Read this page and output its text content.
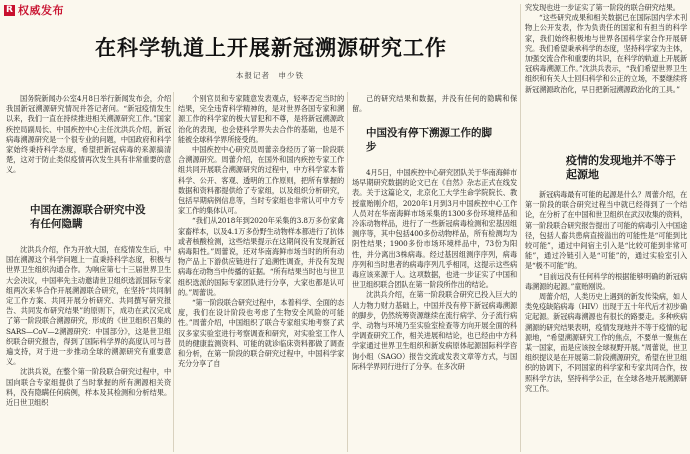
R 权威发布
在科学轨道上开展新冠溯源研究工作
本报记者　申少铁

国务院新闻办公室4月8日举行新闻发布会，介绍我国新冠溯源研究情况并答记者问。“新冠疫情发生以来，我们一直在持续推进相关溯源研究工作。”国家疾控局副局长、中国疾控中心主任沈洪兵介绍，新冠病毒溯源研究是一个很专业的问题，中国政府和科学家始终秉持科学态度，希望把新冠病毒的来源搞清楚，这对于防止类似疫情再次发生具有非常重要的意义。

中国在溯源联合研究中没有任何隐瞒

沈洪兵介绍，作为开放大国，在疫情发生后，中国在溯源这个科学问题上一直秉持科学态度，积极与世界卫生组织沟通合作。为响应第七十三届世界卫生大会决议，中国率先主动邀请世卫组织选派国际专家组两次来华合作开展溯源联合研究，在坚持“共同制定工作方案、共同开展分析研究、共同撰写研究报告、共同发布研究结果”的原则下，成功在武汉完成了第一阶段联合溯源研究，形成的《世卫组织召集的SARS—CoV—2溯源研究：中国部分》，这是世卫组织联合研究报告，得到了国际科学界的高度认可与普遍支持，对于进一步推动全球的溯源研究有重要意义。

沈洪兵说，在整个第一阶段联合研究过程中，中国向联合专家组提供了当时掌握的所有溯源相关资料，没有隐瞒任何病例，样本及其检测和分析结果。近日世卫组织

个别官员和专家随意发表观点，轻率否定当时的结果，完全违背科学精神的，是对世界各国专家和溯源工作的科学家的极大冒犯和不尊，是将新冠溯源政治化的表现，也会使科学界失去合作的基础，也是不能被全球科学界所接受的。

中国疾控中心研究员周蕾亲身经历了第一阶段联合溯源研究。周蕾介绍，在国外和国内疾控专家工作组共同开展联合溯源研究的过程中，中方科学家本着科学、公开、客观、透明的工作原则，把所有掌握的数据和资料都提供给了专家组，以及组织分析研究，包括早期病例信息等，当时专家组也非常认可中方专家工作的集体认可。

“我们从2018年到2020年采集的3.8万多份家禽家畜样本，以及4.1万多份野生动物样本都进行了抗体或者核酸检测，这些结果提示在这期间没有发现新冠病毒阳性。”周蕾说，还对华南海鲜市场当时的所有动物产品上下游供应链进行了追溯性调查，并没有发现病毒在动物当中传播的证据。“所有结果当时也与世卫组织选派的国际专家团队进行分享，大家也都是认可的。”周蕾说。

“第一阶段联合研究过程中，本着科学、全面的态度，我们在设计阶段也考虑了生物安全风险的可能性。”周蕾介绍，中国组织了联合专家组实地考察了武汉多家实验室进行考察调查和研究，对实验室工作人员的健康监测资料、可能的就诊临床资料都做了调查和分析，在第一阶段的联合研究过程中，中国科学家充分分享了自

己的研究结果和数据，并没有任何的隐瞒和保留。

中国没有停下溯源工作的脚步

4月5日，中国疾控中心研究团队关于华南海鲜市场早期研究数据的论文已在《自然》杂志正式在线发表。关于这篇论文，北京化工大学生命学院院长、教授童贻刚介绍，2020年1月到3月中国疾控中心工作人员对在华南海鲜市场采集的1300多份环境样品和冷冻动物样品，进行了一些新冠病毒检测和宏基因组测序等，其中包括400多份动物样品，所有检测均为阴性结果；1900多份市场环境样品中，73份为阳性，并分离出3株病毒。经过基因组测序序列，病毒序列和当时患者的病毒序列几乎相同，这提示这些病毒应该来源于人。这项数据，也进一步证实了中国和世卫组织联合团队在第一阶段所作出的结论。

沈洪兵介绍，在第一阶段联合研究已投入巨大的人力物力财力基础上，中国并没有停下新冠病毒溯源的脚步，仍然统筹资源继续在流行病学、分子流行病学、动物与环境乃至实验室检查等方向开展全面的科学调查研究工作，相关进展和结论，也已经由中方科学家通过世界卫生组织和新发病原体起源国际科学咨询小组（SAGO）报告交流或发表文章等方式，与国际科学界同行进行了分享。在多次研

究发现也进一步证实了第一阶段的联合研究结果。

“这些研究成果和相关数据已在国际国内学术刊物上公开发表，作为负责任的国家和有担当的科学家，我们始终积极地与世界各国科学家合作开展研究。我们希望秉承科学的态度，坚持科学家为主体，加强交流合作和重要的共识，在科学的轨道上开展新冠病毒溯源工作。”沈洪兵表示，“我们希望世界卫生组织和有关人士回归科学和公正的立场，不要继续将新冠溯源政治化，早日把新冠溯源政治化的工具。”

疫情的发现地并不等于起源地

新冠病毒最有可能的起源是什么？周蕾介绍，在第一阶段的联合研究过程当中就已经得到了一个结论，在分析了在中国和世卫组织在武汉收集的资料，第一阶段联合研究报告提出了可能的病毒引入中国途径，包括人畜共患病直接溢出的可能性是“可能到比较可能”，通过中间宿主引入是“比较可能到非常可能”，通过冷链引入是“可能”的，通过实验室引入是“极不可能”的。

“目前远没有任何科学的根据能够明确的新冠病毒溯源的起源。”童贻刚说。

周蕾介绍，人类历史上遇到的新发传染病，如人类免疫缺陷病毒（HIV）出现于五十年代后才初步确定起源。新冠病毒溯源也有很长的路要走。多种疾病溯源的研究结果表明，疫情发现地并不等于疫情的起源地，“希望溯源研究工作的焦点，不要单一聚焦在某一国家，而是应该按全球视野开展。”周蕾说，世卫组织提议是在开展第二阶段溯源研究，希望在世卫组织的协调下，不同国家的科学家和专家共同合作，按照科学方法，坚持科学公正，在全球各地开展溯源研究工作。
